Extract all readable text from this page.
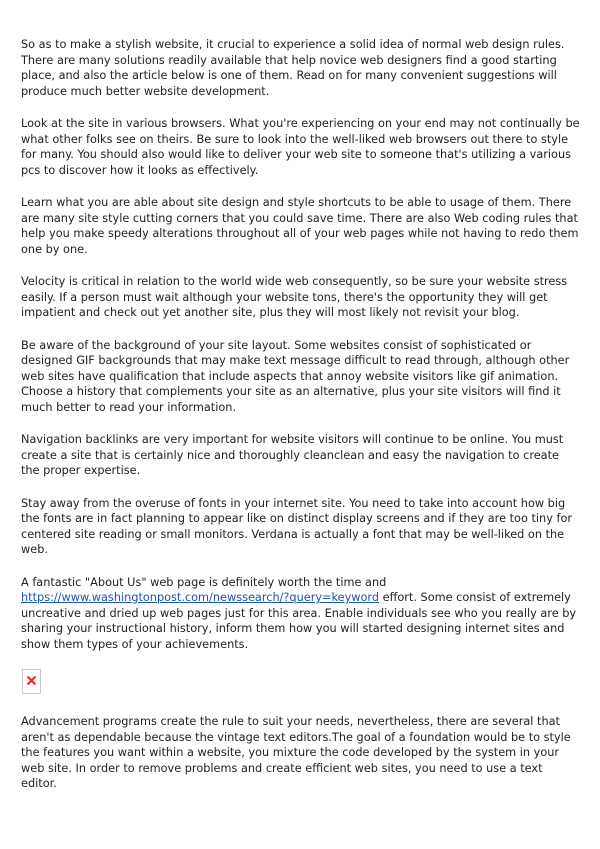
So as to make a stylish website, it crucial to experience a solid idea of normal web design rules. There are many solutions readily available that help novice web designers find a good starting place, and also the article below is one of them. Read on for many convenient suggestions will produce much better website development.

Look at the site in various browsers. What you're experiencing on your end may not continually be what other folks see on theirs. Be sure to look into the well-liked web browsers out there to style for many. You should also would like to deliver your web site to someone that's utilizing a various pcs to discover how it looks as effectively.

Learn what you are able about site design and style shortcuts to be able to usage of them. There are many site style cutting corners that you could save time. There are also Web coding rules that help you make speedy alterations throughout all of your web pages while not having to redo them one by one.

Velocity is critical in relation to the world wide web consequently, so be sure your website stress easily. If a person must wait although your website tons, there's the opportunity they will get impatient and check out yet another site, plus they will most likely not revisit your blog.

Be aware of the background of your site layout. Some websites consist of sophisticated or designed GIF backgrounds that may make text message difficult to read through, although other web sites have qualification that include aspects that annoy website visitors like gif animation. Choose a history that complements your site as an alternative, plus your site visitors will find it much better to read your information.

Navigation backlinks are very important for website visitors will continue to be online. You must create a site that is certainly nice and thoroughly cleanclean and easy the navigation to create the proper expertise.

Stay away from the overuse of fonts in your internet site. You need to take into account how big the fonts are in fact planning to appear like on distinct display screens and if they are too tiny for centered site reading or small monitors. Verdana is actually a font that may be well-liked on the web.

A fantastic "About Us" web page is definitely worth the time and https://www.washingtonpost.com/newssearch/?query=keyword effort. Some consist of extremely uncreative and dried up web pages just for this area. Enable individuals see who you really are by sharing your instructional history, inform them how you will started designing internet sites and show them types of your achievements.

Advancement programs create the rule to suit your needs, nevertheless, there are several that aren't as dependable because the vintage text editors.The goal of a foundation would be to style the features you want within a website, you mixture the code developed by the system in your web site. In order to remove problems and create efficient web sites, you need to use a text editor.
